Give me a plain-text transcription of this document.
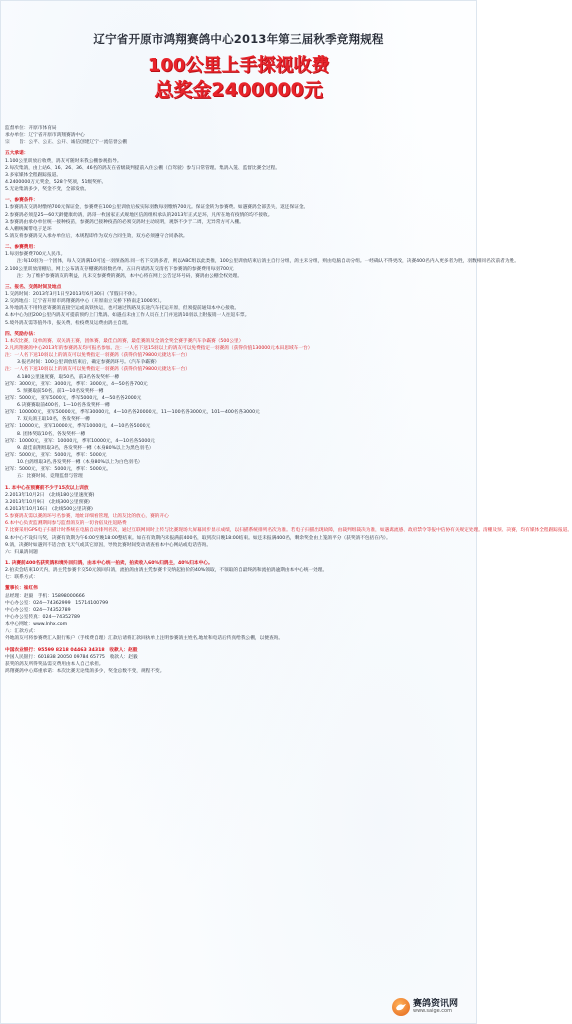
辽宁省开原市鸿翔赛鸽中心2013年第三届秋季竞翔规程
100公里上手探视收费
总奖金2400000元
监督单位：开原市体育局
承办单位：辽宁省开原市鸿翔赛鸽中心
宗　　旨：公平、公正、公开、诚信创建辽宁一流信誉公棚
五大承诺：
1.100公里训放后收费，鸽友可随时来我公棚参观指导。
2.每次集鸽，由上站6、16、26、36、46名的鸽友在省级裁判提前入住公棚（自驾驶）参与日常管理。集鸽入笼、监督比赛全过程。
3.多家媒体全程跟踪报道。
4.2400000万元奖金，528个奖项，51级奖杯。
5.无论集鸽多少，奖金不变，全部发放。
一、参赛条件：
1.参赛鸽友交鸽时缴纳700元保证金，参赛费在100公里训放后按实际羽数每羽缴纳700元。保证金转为参赛费。如遇赛鸽全部丢失，返还保证金。
2.参赛鸽必须是25—60天龄健康幼鸽，鸽哥一枚国家正式规地区信鸽组织承认的2013年正式足环，凡所在地有疫情的均不接收。
3.参赛鸽由承办单位统一接种疫苗，参赛鸽已接种疫苗的必须交鸽时主动说明，观察不少于二周，无异常方可入棚。
4.入棚统佩带电子足环
5.鸽友将参赛鸽交入承办单位后，本规程即作为双方合同生效，双方必须遵守合同条款。
二、参赛费用：
1.每羽参赛费700元人民币。
注:每10羽为一个团体，每人交鸽满10可送一羽预备鸽.同一名下交鸽多者，则以ABC组以此类推，100公里训放结束后鸽主自行分组，鸽主未分组，则由电脑自动分组。一经确认不得更改，决赛400名内入更多者为胜，羽数相同名次前者为胜。
2.100公里训放清棚后，网上公布鸽友存棚赛鸽羽数名单，五日内请鸽友交清名下参赛鸽的参赛费用每羽700元
注：为了维护参赛鸽友的利益，凡未交参赛费的赛鸽，本中心将在网上公告足环号码，赛鸽由公棚全权处理。
三、报名、交鸽时间及地点
1.交鸽时间：2013年3月1日至2013年6月30日（节假日不休）。
2.交鸽地点：辽宁省开原市鸿翔赛鸽中心（开原南立交桥下桥南走1000米）。
3.外地鸽友不用特意寄赛鸽直接空运或高铁快运，也可通过铁路及长途汽车托运开原，但须提前通知本中心接收。
4.本中心为团200公里内鸽友可提前预约上门集鸽。如遇点未由工作人员在上门并送鸽10羽以上附报销一人往返车票。
5.境外鸽友需等值外币，报关费，检疫费及运费由鸽主自理。
四、奖励办法：
1.本次比赛，设单鸽赛、双关鸽王赛，团体赛，最佳自鸽赛，最佳赛鸽及全鸽全奖全赛手赛汽车争霸赛（500公里）
2.凡鸿翔赛鸽中心2013年的参赛鸽友均可报名参加。注：一人名下送15羽以上的鸽友可以免费指定一羽赛鸽（获得价值130000元本田思域车一台）
注：一人名下送10羽以上的鸽友可以免费指定一羽赛鸽（获得价值79800元捷达车一台）
3.报名时间：100公里训放结束后，确定参赛鸽环号。（汽车争霸赛）
注：一人名下送10羽以上的鸽友可以免费指定一羽赛鸽（获得价值79800元捷达车一台）
4.180公里速度赛，取50名，前3名各发奖杯一樽
冠军：3000元，亚军：3000元，季军：3000元，4—50名各700元
5. 预赛取前50名，前1—10名发奖杯一樽
冠军：5000元，亚军5000元，季军5000元，4—50名各2000元
6.决赛赛取前400名，1—10名各发奖杯一樽
冠军：100000元，亚军50000元，季军30000元，4—10名各20000元，11—100名各3000元，101—400名各3000元
7. 双关鸽王取10名，各发奖杯一樽
冠军：10000元，亚军10000元，季军10000元，4—10名各5000元
8. 团体奖取10名，各发奖杯一樽
冠军：10000元，亚军：10000元，季军10000元，4—10名各5000元
9. 最佳南翔组取3名，各发奖杯一樽（本身80%以上为黑色羽毛）
冠军：5000元，亚军：5000元，季军：5000元
10.白鸽组取3名,各发奖杯一樽（本身80%以上为白色羽毛）
冠军：5000元，亚军：5000元，季军：5000元。
五：比赛时间、竞翔监督与管理
1. 本中心在预赛前不少于15次以上训放
2.2013年10月2日　(北线180公里速度赛)
3.2013年10月9日　(北线300公里预赛)
4.2013年10月16日　(北线500公里决赛)
5.参赛鸽友需以赛鸽环号名参赛，地址详细看管理，让鸽友比的放心，赛的开心
6.本中心负责监测期间参与监督鸽友的一切食宿及往返路费
7.比赛采用GPS电子扫描计时系统在电脑自动排列名次，通过互联网同时上传与比赛现场大屏幕同步显示成绩，以扫描系统排列名次为准。若电子扫描出现故障，由裁判组裁决为准，如遇禽流感、政府禁令等报中信协有关规定处理。清棚及预、决赛，均有媒体全程跟踪报道。
8.本中心不设归马奖，决赛有效期为午6:00至晚18:00整结束。如在有效期内未报满前400名，取到次日晚18:00结束。如还未报满400名，剩余奖金由上笼鸽平分（获奖鸽不包括在内）。
9.鸽，决赛时如遇到不适合放飞天气或其它原因，导致比赛时间变动请查看本中心网站或电话咨询。
六：归巢鸽问题
1. 决赛前400名获奖鸽和境外回归鸽，由本中心统一拍卖，拍卖收入60%归鸽主，40%归本中心。
2.拍卖会结束10天内，鸽主凭参赛卡交50元领回归鸽，流拍鸽由鸽主凭参赛卡交纳起拍价的40%领取，不领取的自最终鸽和流拍鸽逾期由本中心统一处理。
七：联系方式：
董事长：崔红伟
总经理：赵毅　手机：15898000666
中心办公室：024—74362999　15714100799
中心办公室：024—74352789
中心办公室传真：024—74352789
本中心网址：www.lnhx.com
八：汇款方式：
外地鸽友可将参赛费汇入银行账户（手续费自理）汇款后请将汇款回执单上注明参赛鸽主姓名,地址和电话后传真给我公棚，以便查询。
中国农业银行：95599 8218 04463 34318　收款人：赵毅
中国人民银行：601838 20050 09784 65775　收款人：赵毅
获奖的鸽友所得奖品需交费用由本人自己承担。
鸿翔赛鸽中心郑重承诺：本次比赛无论集鸽多少，奖金总数不变，规程不变。
赛鸽资讯网
www.saige.com
